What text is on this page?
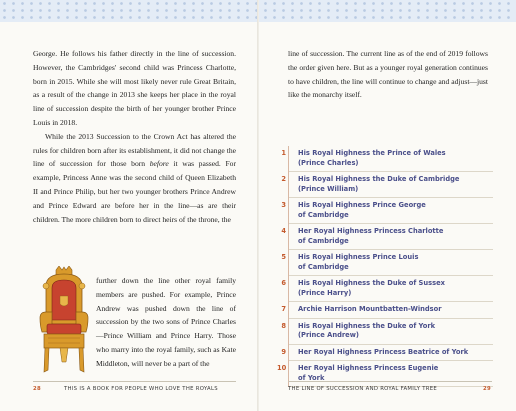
George. He follows his father directly in the line of succession. However, the Cambridges' second child was Princess Charlotte, born in 2015. While she will most likely never rule Great Britain, as a result of the change in 2013 she keeps her place in the royal line of succession despite the birth of her younger brother Prince Louis in 2018.

While the 2013 Succession to the Crown Act has altered the rules for children born after its establishment, it did not change the line of succession for those born before it was passed. For example, Princess Anne was the second child of Queen Elizabeth II and Prince Philip, but her two younger brothers Prince Andrew and Prince Edward are before her in the line—as are their children. The more children born to direct heirs of the throne, the

further down the line other royal family members are pushed. For example, Prince Andrew was pushed down the line of succession by the two sons of Prince Charles—Prince William and Prince Harry. Those who marry into the royal family, such as Kate Middleton, will never be a part of the
28	THIS IS A BOOK FOR PEOPLE WHO LOVE THE ROYALS

line of succession. The current line as of the end of 2019 follows the order given here. But as a younger royal generation continues to have children, the line will continue to change and adjust—just like the monarchy itself.

1 His Royal Highness the Prince of Wales
(Prince Charles)
2 His Royal Highness the Duke of Cambridge
(Prince William)
3 His Royal Highness Prince George
of Cambridge
4 Her Royal Highness Princess Charlotte
of Cambridge
5 His Royal Highness Prince Louis
of Cambridge
6 His Royal Highness the Duke of Sussex
(Prince Harry)
7 Archie Harrison Mountbatten-Windsor
8 His Royal Highness the Duke of York
(Prince Andrew)
9 Her Royal Highness Princess Beatrice of York
10 Her Royal Highness Princess Eugenie
of York
THE LINE OF SUCCESSION AND ROYAL FAMILY TREE	29
